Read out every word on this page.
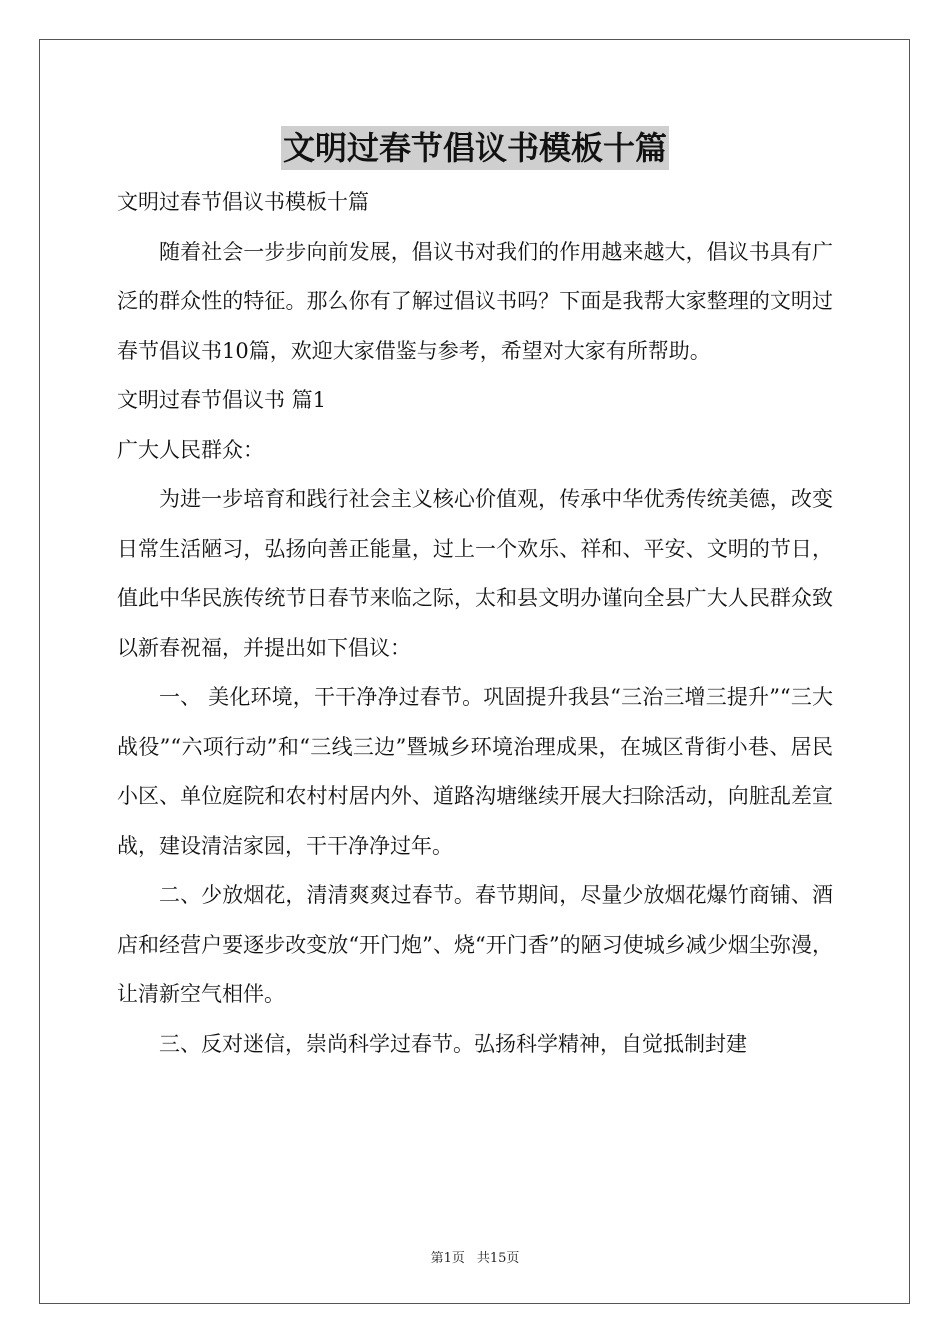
文明过春节倡议书模板十篇
文明过春节倡议书模板十篇

随着社会一步步向前发展，倡议书对我们的作用越来越大，倡议书具有广泛的群众性的特征。那么你有了解过倡议书吗？下面是我帮大家整理的文明过春节倡议书10篇，欢迎大家借鉴与参考，希望对大家有所帮助。

文明过春节倡议书 篇1
广大人民群众：

为进一步培育和践行社会主义核心价值观，传承中华优秀传统美德，改变日常生活陋习，弘扬向善正能量，过上一个欢乐、祥和、平安、文明的节日，值此中华民族传统节日春节来临之际，太和县文明办谨向全县广大人民群众致以新春祝福，并提出如下倡议：

一、 美化环境，干干净净过春节。巩固提升我县“三治三增三提升”“三大战役”“六项行动”和“三线三边”暨城乡环境治理成果，在城区背街小巷、居民小区、单位庭院和农村村居内外、道路沟塘继续开展大扫除活动，向脏乱差宣战，建设清洁家园，干干净净过年。

二、少放烟花，清清爽爽过春节。春节期间，尽量少放烟花爆竹商铺、酒店和经营户要逐步改变放“开门炮”、烧“开门香”的陋习使城乡减少烟尘弥漫，让清新空气相伴。

三、反对迷信，崇尚科学过春节。弘扬科学精神，自觉抵制封建

第1页 共15页
